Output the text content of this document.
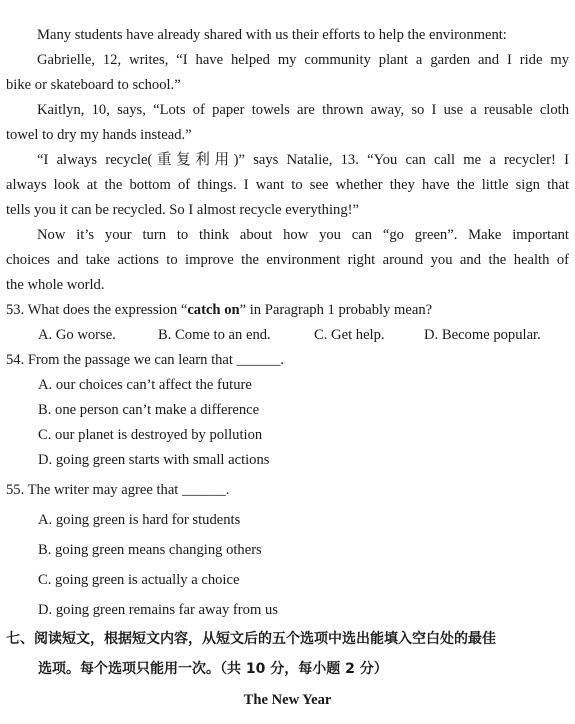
Many students have already shared with us their efforts to help the environment:
Gabrielle, 12, writes, “I have helped my community plant a garden and I ride my
bike or skateboard to school.”
Kaitlyn, 10, says, “Lots of paper towels are thrown away, so I use a reusable cloth
towel to dry my hands instead.”
“I always recycle(重复利用)” says Natalie, 13. “You can call me a recycler! I
always look at the bottom of things. I want to see whether they have the little sign that
tells you it can be recycled. So I almost recycle everything!”
Now it’s your turn to think about how you can “go green”. Make important
choices and take actions to improve the environment right around you and the health of
the whole world.
53. What does the expression “catch on” in Paragraph 1 probably mean?
A. Go worse.	B. Come to an end.	C. Get help.	D. Become popular.
54. From the passage we can learn that ______.
A. our choices can’t affect the future
B. one person can’t make a difference
C. our planet is destroyed by pollution
D. going green starts with small actions
55. The writer may agree that ______.
A. going green is hard for students
B. going green means changing others
C. going green is actually a choice
D. going green remains far away from us
七、阅读短文，根据短文内容，从短文后的五个选项中选出能填入空白处的最佳
选项。每个选项只能用一次。（共 10 分，每小题 2 分）
The New Year
